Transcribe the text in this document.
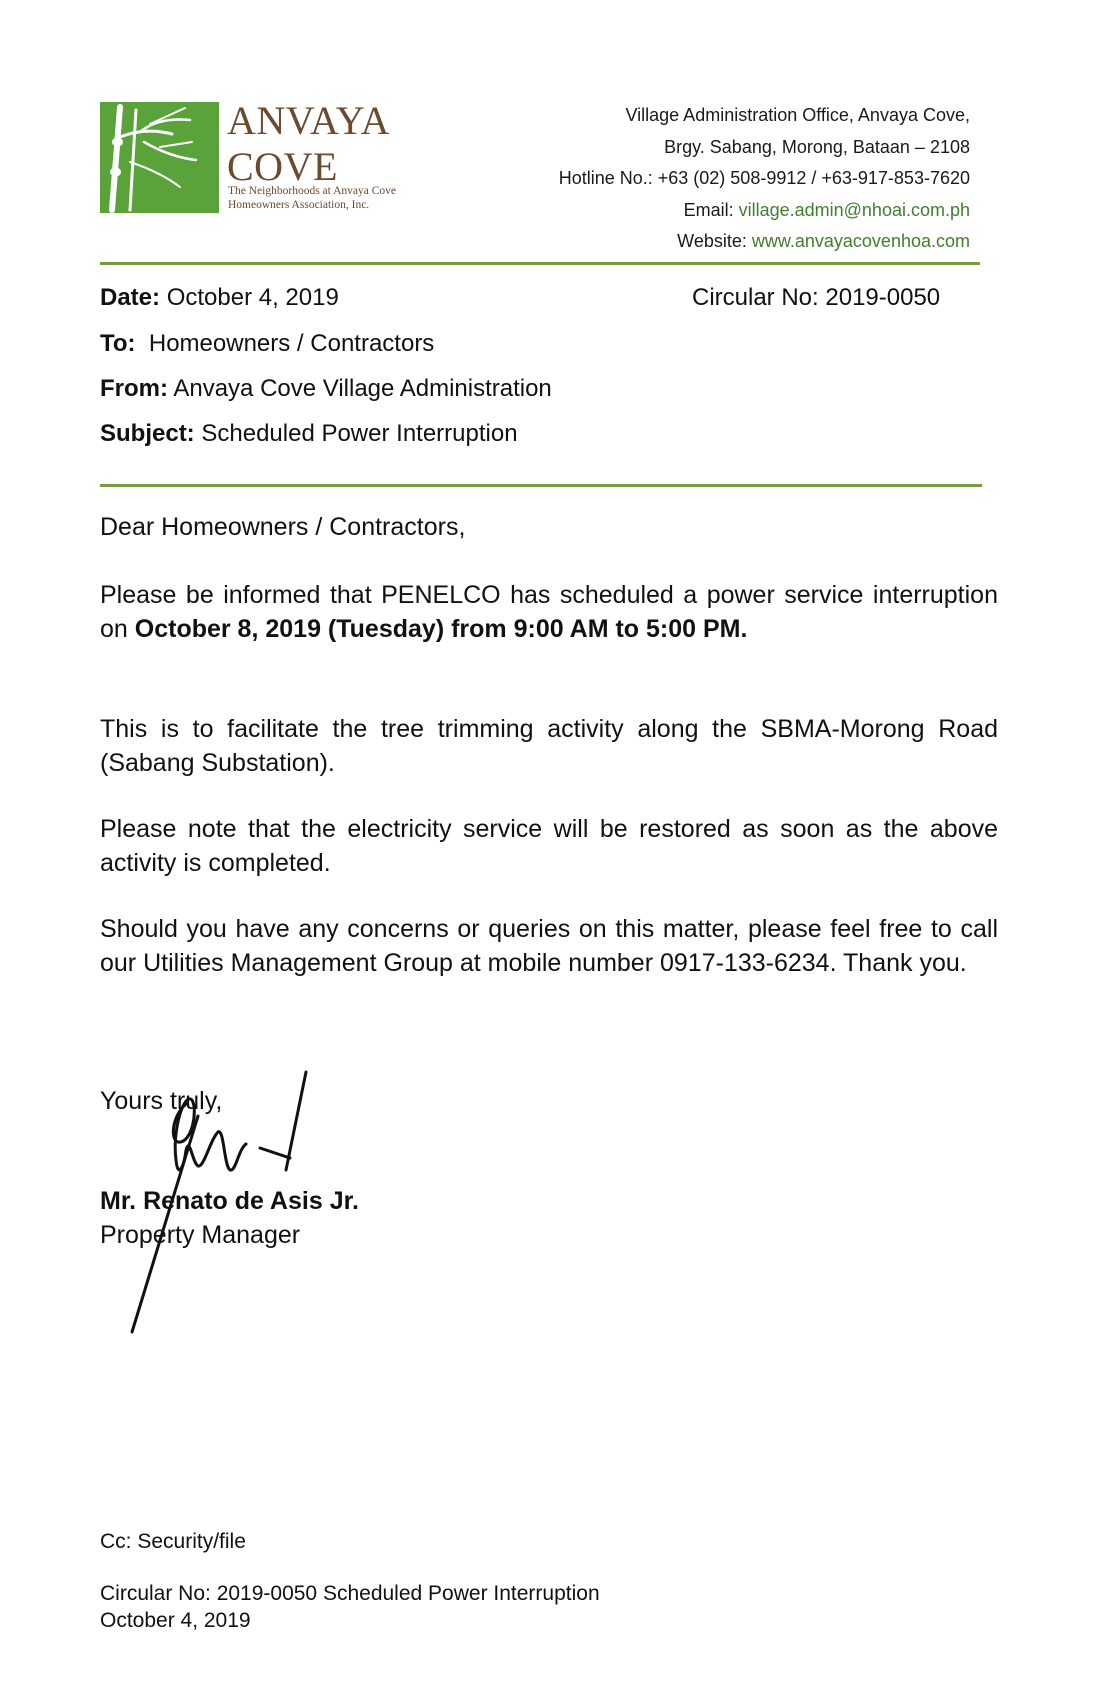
ANVAYA
COVE
The Neighborhoods at Anvaya Cove
Homeowners Association, Inc.
Village Administration Office, Anvaya Cove,
Brgy. Sabang, Morong, Bataan – 2108
Hotline No.: +63 (02) 508-9912 / +63-917-853-7620
Email: village.admin@nhoai.com.ph
Website: www.anvayacovenhoa.com
Date: October 4, 2019	Circular No: 2019-0050
To: Homeowners / Contractors
From: Anvaya Cove Village Administration
Subject: Scheduled Power Interruption
Dear Homeowners / Contractors,
Please be informed that PENELCO has scheduled a power service interruption on October 8, 2019 (Tuesday) from 9:00 AM to 5:00 PM.
This is to facilitate the tree trimming activity along the SBMA-Morong Road (Sabang Substation).
Please note that the electricity service will be restored as soon as the above activity is completed.
Should you have any concerns or queries on this matter, please feel free to call our Utilities Management Group at mobile number 0917-133-6234. Thank you.
Yours truly,
Mr. Renato de Asis Jr.
Property Manager
Cc: Security/file
Circular No: 2019-0050 Scheduled Power Interruption
October 4, 2019
